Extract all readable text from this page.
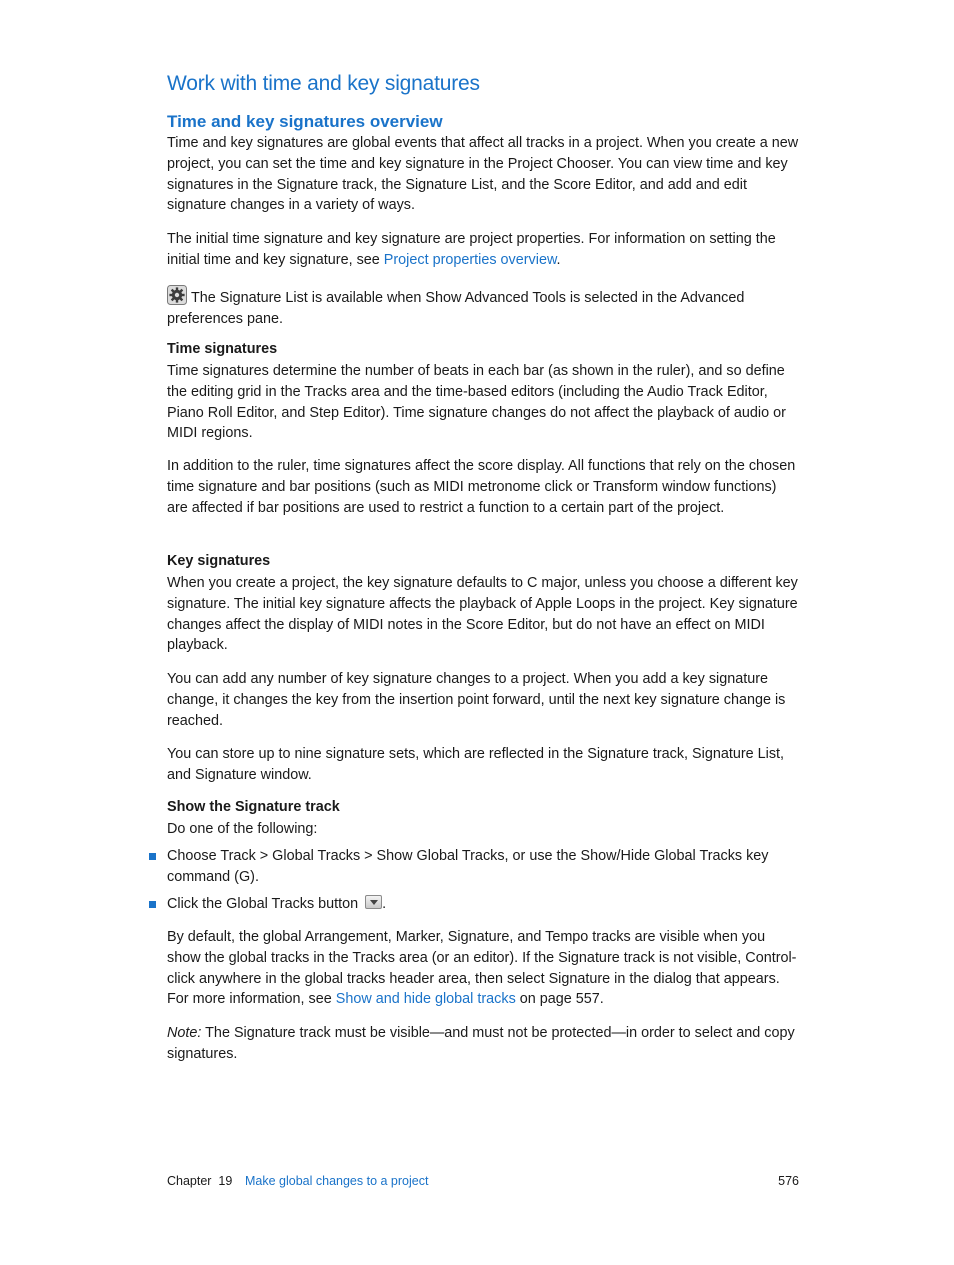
Work with time and key signatures
Time and key signatures overview

Time and key signatures are global events that affect all tracks in a project. When you create a new project, you can set the time and key signature in the Project Chooser. You can view time and key signatures in the Signature track, the Signature List, and the Score Editor, and add and edit signature changes in a variety of ways.

The initial time signature and key signature are project properties. For information on setting the initial time and key signature, see Project properties overview.

The Signature List is available when Show Advanced Tools is selected in the Advanced preferences pane.

Time signatures

Time signatures determine the number of beats in each bar (as shown in the ruler), and so define the editing grid in the Tracks area and the time-based editors (including the Audio Track Editor, Piano Roll Editor, and Step Editor). Time signature changes do not affect the playback of audio or MIDI regions.

In addition to the ruler, time signatures affect the score display. All functions that rely on the chosen time signature and bar positions (such as MIDI metronome click or Transform window functions) are affected if bar positions are used to restrict a function to a certain part of the project.

Key signatures

When you create a project, the key signature defaults to C major, unless you choose a different key signature. The initial key signature affects the playback of Apple Loops in the project. Key signature changes affect the display of MIDI notes in the Score Editor, but do not have an effect on MIDI playback.

You can add any number of key signature changes to a project. When you add a key signature change, it changes the key from the insertion point forward, until the next key signature change is reached.

You can store up to nine signature sets, which are reflected in the Signature track, Signature List, and Signature window.

Show the Signature track

Do one of the following:

Choose Track > Global Tracks > Show Global Tracks, or use the Show/Hide Global Tracks key command (G).
Click the Global Tracks button .

By default, the global Arrangement, Marker, Signature, and Tempo tracks are visible when you show the global tracks in the Tracks area (or an editor). If the Signature track is not visible, Control-click anywhere in the global tracks header area, then select Signature in the dialog that appears. For more information, see Show and hide global tracks on page 557.

Note: The Signature track must be visible—and must not be protected—in order to select and copy signatures.

Chapter  19 Make global changes to a project	576
